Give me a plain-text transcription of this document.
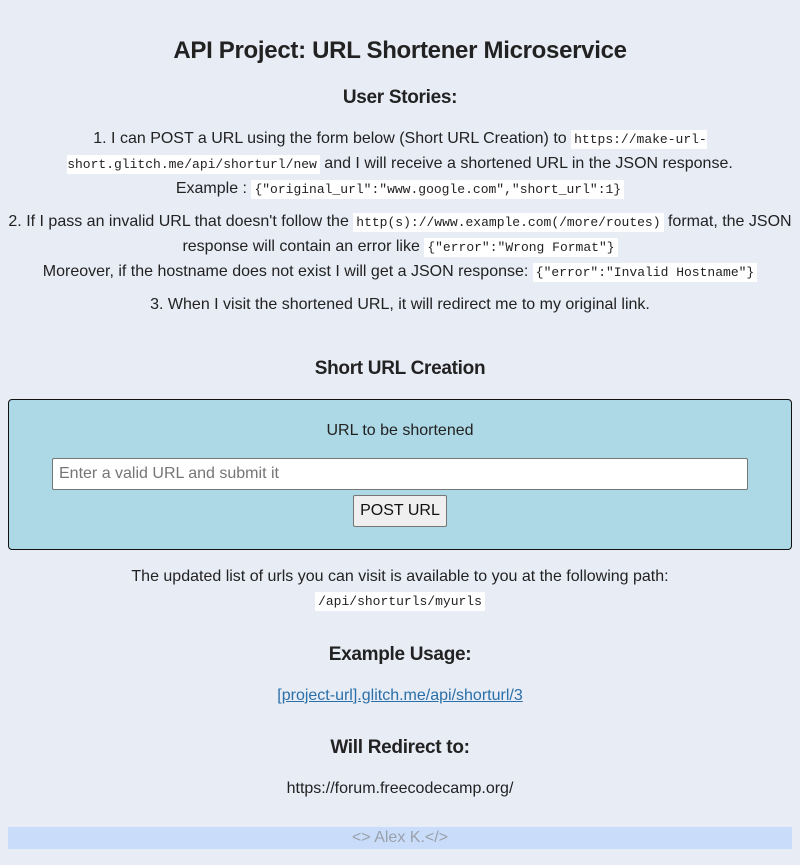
API Project: URL Shortener Microservice
User Stories:

1. I can POST a URL using the form below (Short URL Creation) to https://make-url-short.glitch.me/api/shorturl/new and I will receive a shortened URL in the JSON response.
Example : {"original_url":"www.google.com","short_url":1}

2. If I pass an invalid URL that doesn't follow the http(s)://www.example.com(/more/routes) format, the JSON response will contain an error like {"error":"Wrong Format"}
Moreover, if the hostname does not exist I will get a JSON response: {"error":"Invalid Hostname"}

3. When I visit the shortened URL, it will redirect me to my original link.

Short URL Creation
URL to be shortened
Enter a valid URL and submit it POST URL

The updated list of urls you can visit is available to you at the following path:
/api/shorturls/myurls

Example Usage:
[project-url].glitch.me/api/shorturl/3
Will Redirect to:

https://forum.freecodecamp.org/

<> Alex K.</>
